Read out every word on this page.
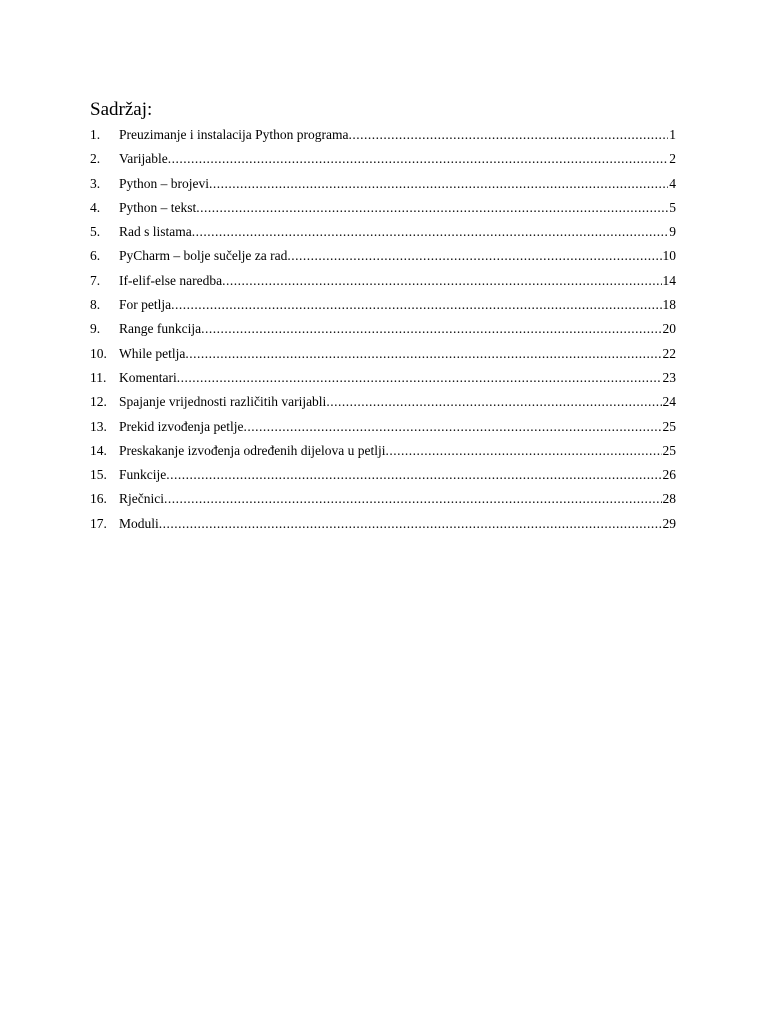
Sadržaj:
1.	Preuzimanje i instalacija Python programa .....	1
2.	Varijable .....	2
3.	Python – brojevi .....	4
4.	Python – tekst .....	5
5.	Rad s listama .....	9
6.	PyCharm – bolje sučelje za rad .....	10
7.	If-elif-else naredba .....	14
8.	For petlja .....	18
9.	Range funkcija .....	20
10. While petlja .....	22
11. Komentari .....	23
12. Spajanje vrijednosti različitih varijabli .....	24
13. Prekid izvođenja petlje .....	25
14. Preskakanje izvođenja određenih dijelova u petlji .....	25
15. Funkcije .....	26
16. Rječnici .....	28
17. Moduli .....	29
